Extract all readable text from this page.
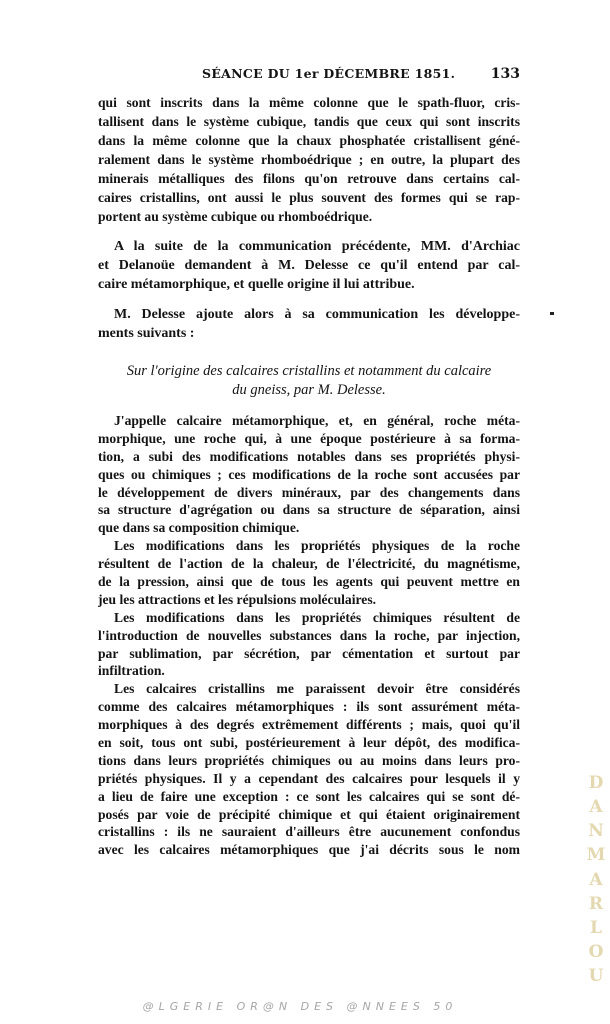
SÉANCE DU 1er DÉCEMBRE 1851.	133
qui sont inscrits dans la même colonne que le spath-fluor, cris-
tallisent dans le système cubique, tandis que ceux qui sont inscrits
dans la même colonne que la chaux phosphatée cristallisent géné-
ralement dans le système rhomboédrique ; en outre, la plupart des
minerais métalliques des filons qu'on retrouve dans certains cal-
caires cristallins, ont aussi le plus souvent des formes qui se rap-
portent au système cubique ou rhomboédrique.
A la suite de la communication précédente, MM. d'Archiac
et Delanoüe demandent à M. Delesse ce qu'il entend par cal-
caire métamorphique, et quelle origine il lui attribue.
M. Delesse ajoute alors à sa communication les développe-
ments suivants :
Sur l'origine des calcaires cristallins et notamment du calcaire
du gneiss, par M. Delesse.
J'appelle calcaire métamorphique, et, en général, roche méta-
morphique, une roche qui, à une époque postérieure à sa forma-
tion, a subi des modifications notables dans ses propriétés physi-
ques ou chimiques ; ces modifications de la roche sont accusées par
le développement de divers minéraux, par des changements dans
sa structure d'agrégation ou dans sa structure de séparation, ainsi
que dans sa composition chimique.
Les modifications dans les propriétés physiques de la roche
résultent de l'action de la chaleur, de l'électricité, du magnétisme,
de la pression, ainsi que de tous les agents qui peuvent mettre en
jeu les attractions et les répulsions moléculaires.
Les modifications dans les propriétés chimiques résultent de
l'introduction de nouvelles substances dans la roche, par injection,
par sublimation, par sécrétion, par cémentation et surtout par
infiltration.
Les calcaires cristallins me paraissent devoir être considérés
comme des calcaires métamorphiques : ils sont assurément méta-
morphiques à des degrés extrêmement différents ; mais, quoi qu'il
en soit, tous ont subi, postérieurement à leur dépôt, des modifica-
tions dans leurs propriétés chimiques ou au moins dans leurs pro-
priétés physiques. Il y a cependant des calcaires pour lesquels il y
a lieu de faire une exception : ce sont les calcaires qui se sont dé-
posés par voie de précipité chimique et qui étaient originairement
cristallins : ils ne sauraient d'ailleurs être aucunement confondus
avec les calcaires métamorphiques que j'ai décrits sous le nom
D
A
N
M
A
R
L
O
U
@LGERIE OR@N DES @NNEES 50
